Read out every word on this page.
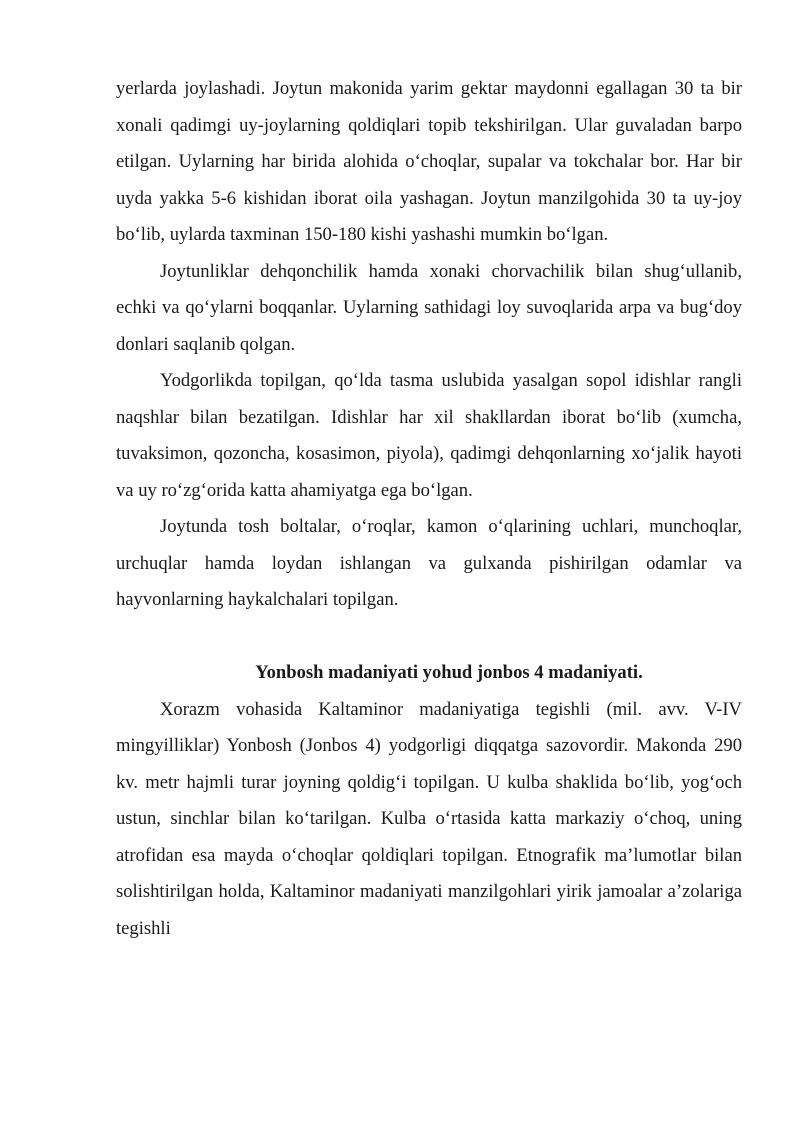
yerlarda joylashadi. Joytun makonida yarim gektar maydonni egallagan 30 ta bir xonali qadimgi uy-joylarning qoldiqlari topib tekshirilgan. Ular guvaladan barpo etilgan. Uylarning har birida alohida o‘choqlar, supalar va tokchalar bor. Har bir uyda yakka 5-6 kishidan iborat oila yashagan. Joytun manzilgohida 30 ta uy-joy bo‘lib, uylarda taxminan 150-180 kishi yashashi mumkin bo‘lgan.

Joytunliklar dehqonchilik hamda xonaki chorvachilik bilan shug‘ullanib, echki va qo‘ylarni boqqanlar. Uylarning sathidagi loy suvoqlarida arpa va bug‘doy donlari saqlanib qolgan.

Yodgorlikda topilgan, qo‘lda tasma uslubida yasalgan sopol idishlar rangli naqshlar bilan bezatilgan. Idishlar har xil shakllardan iborat bo‘lib (xumcha, tuvaksimon, qozoncha, kosasimon, piyola), qadimgi dehqonlarning xo‘jalik hayoti va uy ro‘zg‘orida katta ahamiyatga ega bo‘lgan.

Joytunda tosh boltalar, o‘roqlar, kamon o‘qlarining uchlari, munchoqlar, urchuqlar hamda loydan ishlangan va gulxanda pishirilgan odamlar va hayvonlarning haykalchalari topilgan.

Yonbosh madaniyati yohud jonbos 4 madaniyati.

Xorazm vohasida Kaltaminor madaniyatiga tegishli (mil. avv. V-IV mingyilliklar) Yonbosh (Jonbos 4) yodgorligi diqqatga sazovordir. Makonda 290 kv. metr hajmli turar joyning qoldig‘i topilgan. U kulba shaklida bo‘lib, yog‘och ustun, sinchlar bilan ko‘tarilgan. Kulba o‘rtasida katta markaziy o‘choq, uning atrofidan esa mayda o‘choqlar qoldiqlari topilgan. Etnografik ma’lumotlar bilan solishtirilgan holda, Kaltaminor madaniyati manzilgohlari yirik jamoalar a’zolariga tegishli
